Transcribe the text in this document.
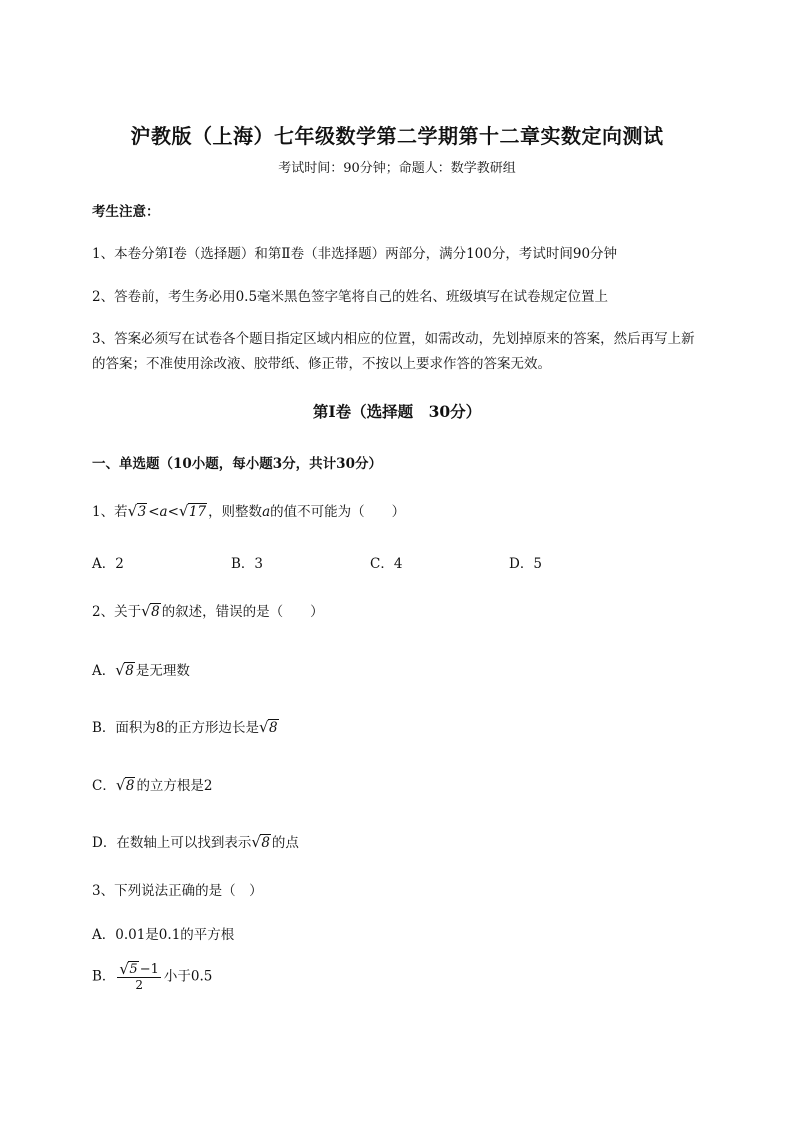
沪教版（上海）七年级数学第二学期第十二章实数定向测试
考试时间：90分钟；命题人：数学教研组
考生注意：
1、本卷分第Ⅰ卷（选择题）和第Ⅱ卷（非选择题）两部分，满分100分，考试时间90分钟
2、答卷前，考生务必用0.5毫米黑色签字笔将自己的姓名、班级填写在试卷规定位置上
3、答案必须写在试卷各个题目指定区域内相应的位置，如需改动，先划掉原来的答案，然后再写上新
的答案；不准使用涂改液、胶带纸、修正带，不按以上要求作答的答案无效。
第Ⅰ卷（选择题　30分）
一、单选题（10小题，每小题3分，共计30分）
1、若 √ 3 <a< √ 17 ，则整数a的值不可能为（　　）
A．2	B．3	C．4	D．5
2、关于 √ 8 的叙述，错误的是（　　）
A． √ 8 是无理数
B．面积为8的正方形边长是 √ 8
C． √ 8 的立方根是2
D．在数轴上可以找到表示 √ 8 的点
3、下列说法正确的是（　）
A．0.01是0.1的平方根
B． √ $\frac{5 -1}{2}$ 小于0.5
